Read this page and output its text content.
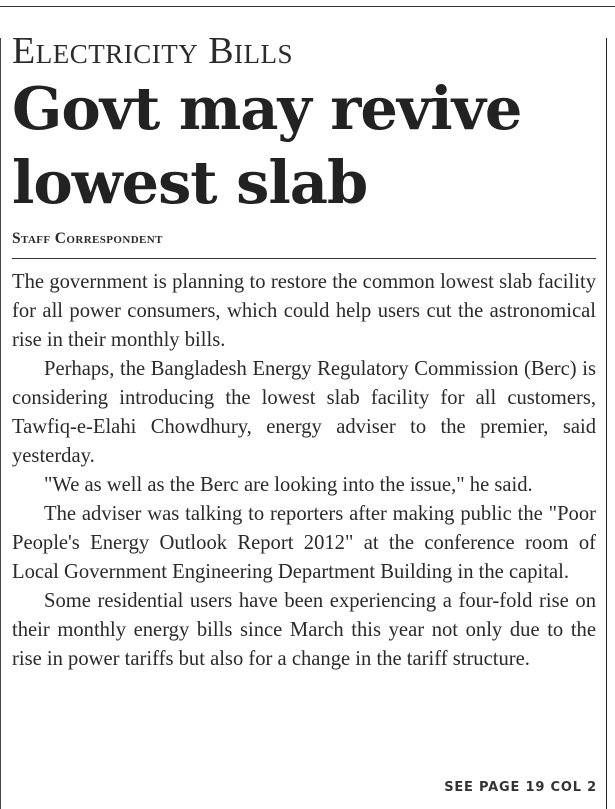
Electricity Bills
Govt may revive lowest slab
Staff Correspondent

The government is planning to restore the common lowest slab facility for all power consumers, which could help users cut the astronomical rise in their monthly bills.

Perhaps, the Bangladesh Energy Regulatory Commission (Berc) is considering introducing the lowest slab facility for all customers, Tawfiq-e-Elahi Chowdhury, energy adviser to the premier, said yesterday.

"We as well as the Berc are looking into the issue," he said.

The adviser was talking to reporters after making public the "Poor People's Energy Outlook Report 2012" at the conference room of Local Government Engineering Department Building in the capital.

Some residential users have been experiencing a four-fold rise on their monthly energy bills since March this year not only due to the rise in power tariffs but also for a change in the tariff structure.

SEE PAGE 19 COL 2
